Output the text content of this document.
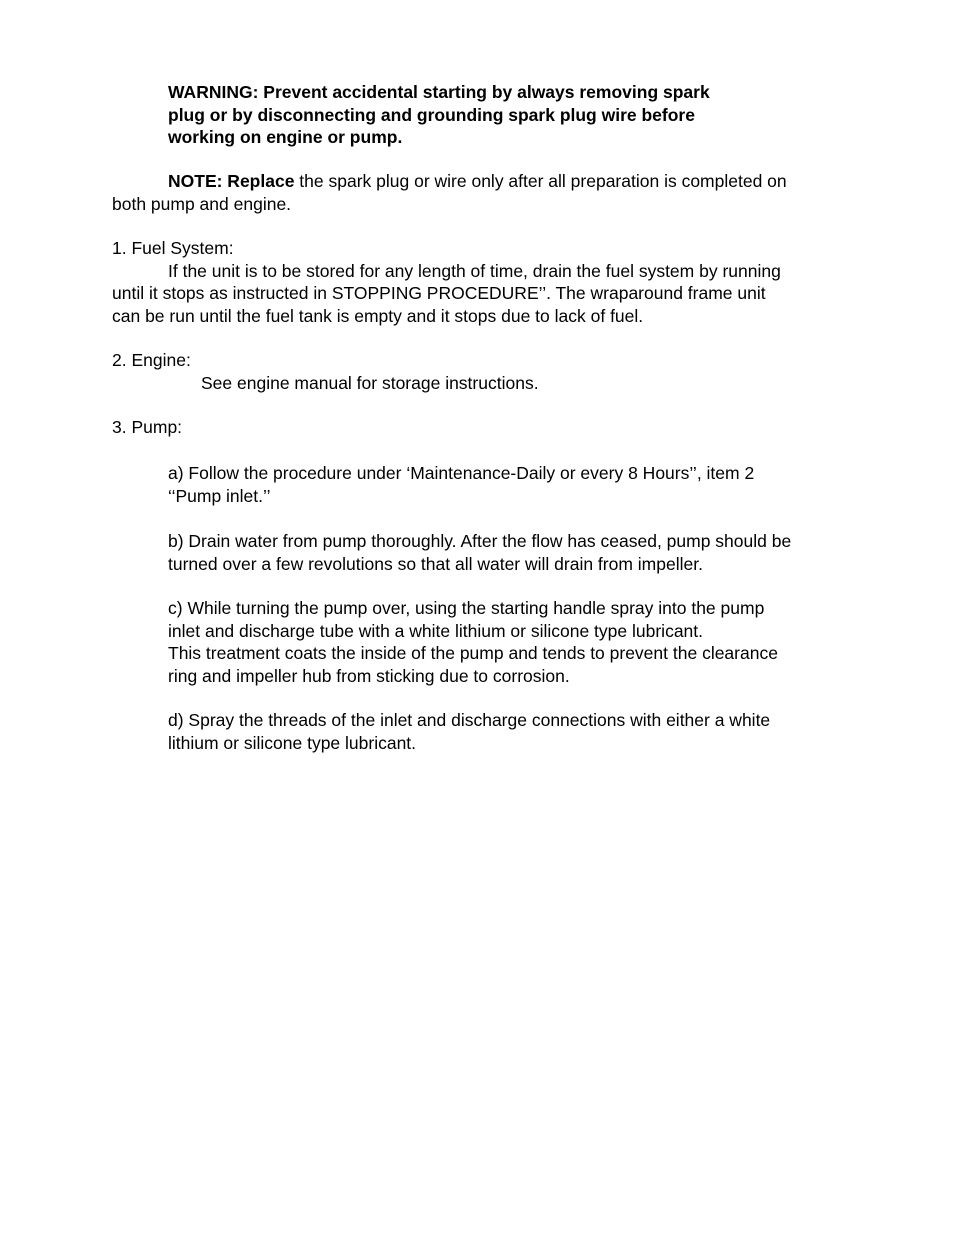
WARNING: Prevent accidental starting by always removing spark
plug or by disconnecting and grounding spark plug wire before
working on engine or pump.
NOTE: Replace the spark plug or wire only after all preparation is completed on
both pump and engine.
1. Fuel System:
If the unit is to be stored for any length of time, drain the fuel system by running
until it stops as instructed in STOPPING PROCEDURE’’. The wraparound frame unit
can be run until the fuel tank is empty and it stops due to lack of fuel.
2. Engine:
See engine manual for storage instructions.
3. Pump:
a) Follow the procedure under ‘Maintenance-Daily or every 8 Hours’’, item 2
‘‘Pump inlet.’’
b) Drain water from pump thoroughly. After the flow has ceased, pump should be
turned over a few revolutions so that all water will drain from impeller.
c) While turning the pump over, using the starting handle spray into the pump
inlet and discharge tube with a white lithium or silicone type lubricant.
This treatment coats the inside of the pump and tends to prevent the clearance
ring and impeller hub from sticking due to corrosion.
d) Spray the threads of the inlet and discharge connections with either a white
lithium or silicone type lubricant.
